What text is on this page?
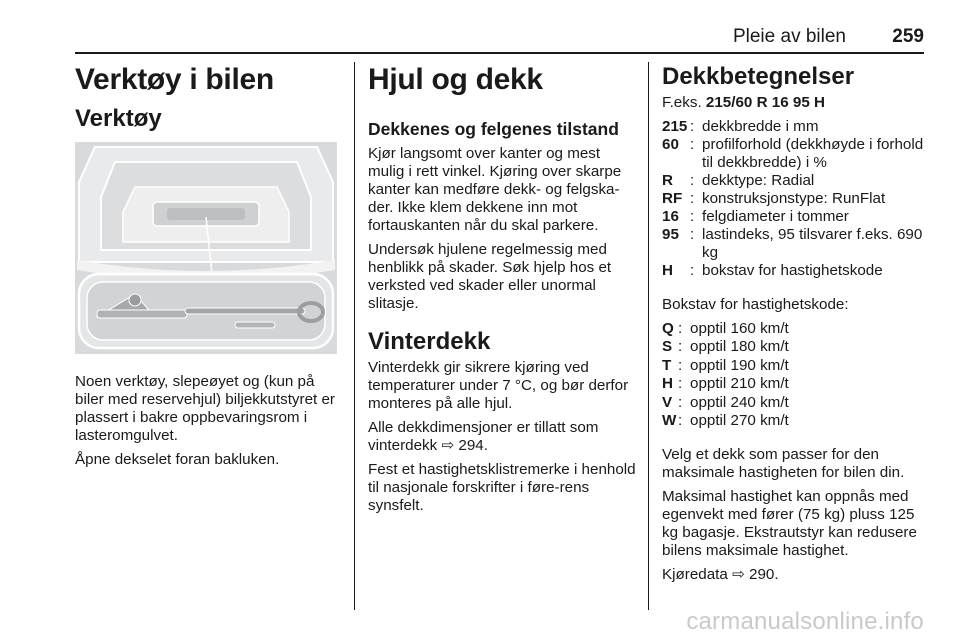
Pleie av bilen 259
Verktøy i bilen
Verktøy

Noen verktøy, slepeøyet og (kun på biler med reservehjul) biljekkutstyret er plassert i bakre oppbevaringsrom i lasteromgulvet.

Åpne dekselet foran bakluken.

Hjul og dekk
Dekkenes og felgenes tilstand

Kjør langsomt over kanter og mest mulig i rett vinkel. Kjøring over skarpe kanter kan medføre dekk- og felgska-der. Ikke klem dekkene inn mot fortauskanten når du skal parkere.

Undersøk hjulene regelmessig med henblikk på skader. Søk hjelp hos et verksted ved skader eller unormal slitasje.

Vinterdekk

Vinterdekk gir sikrere kjøring ved temperaturer under 7 °C, og bør derfor monteres på alle hjul.

Alle dekkdimensjoner er tillatt som vinterdekk ⇨ 294.

Fest et hastighetsklistremerke i henhold til nasjonale forskrifter i føre-rens synsfelt.

Dekkbetegnelser

F.eks. 215/60 R 16 95 H

215 : dekkbredde i mm
60 : profilforhold (dekkhøyde i forhold til dekkbredde) i %
R	: dekktype: Radial
RF : konstruksjonstype: RunFlat
16 : felgdiameter i tommer
95 : lastindeks, 95 tilsvarer f.eks. 690 kg
H	: bokstav for hastighetskode

Bokstav for hastighetskode:

Q : opptil 160 km/t
S : opptil 180 km/t
T : opptil 190 km/t
H : opptil 210 km/t
V : opptil 240 km/t
W : opptil 270 km/t

Velg et dekk som passer for den maksimale hastigheten for bilen din.

Maksimal hastighet kan oppnås med egenvekt med fører (75 kg) pluss 125 kg bagasje. Ekstrautstyr kan redusere bilens maksimale hastighet.

Kjøredata ⇨ 290.

carmanualsonline.info
